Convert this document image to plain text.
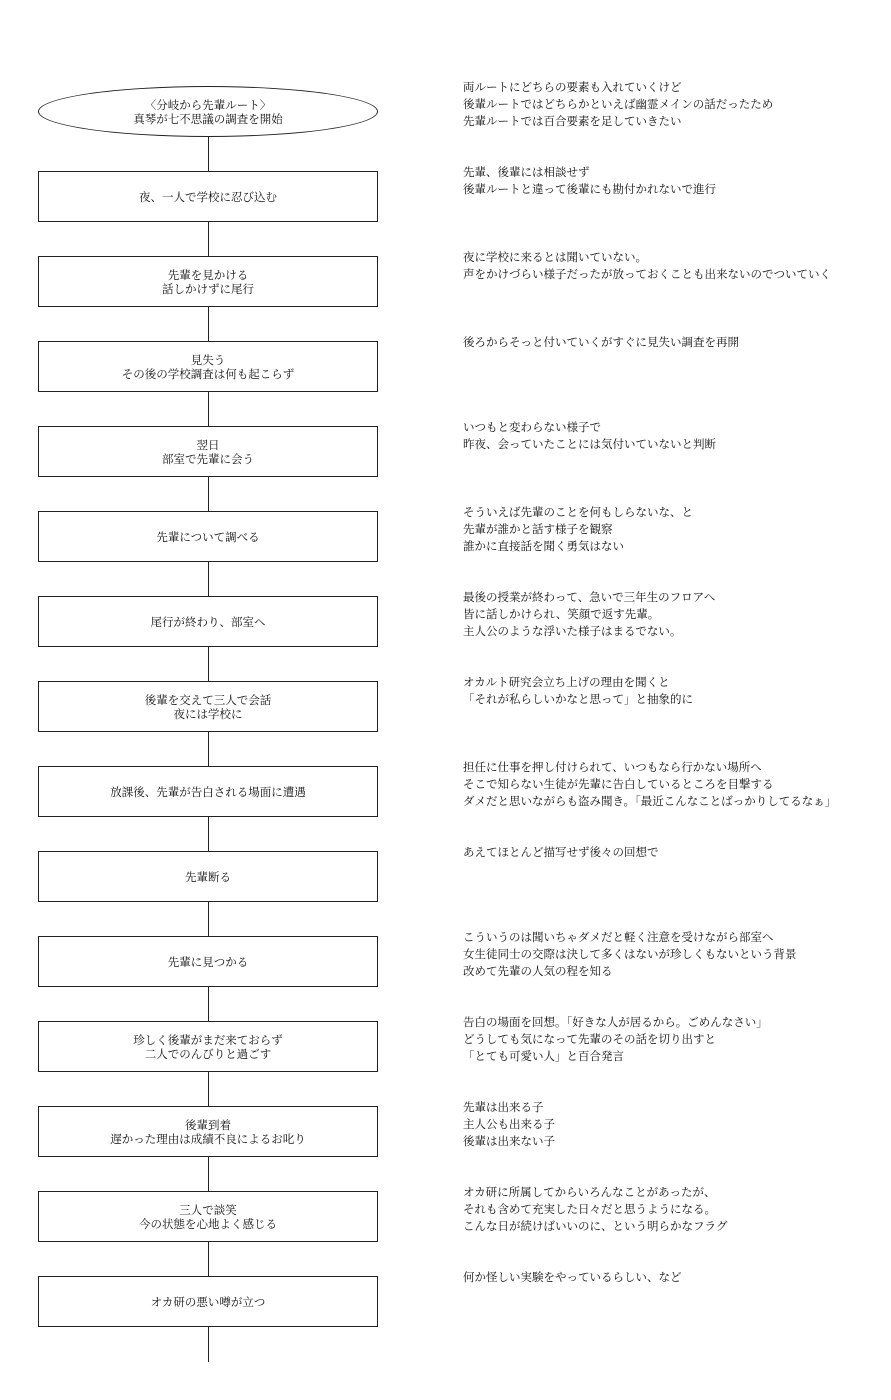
〈分岐から先輩ルート〉
真琴が七不思議の調査を開始
両ルートにどちらの要素も入れていくけど
後輩ルートではどちらかといえば幽霊メインの話だったため
先輩ルートでは百合要素を足していきたい
夜、一人で学校に忍び込む
先輩、後輩には相談せず
後輩ルートと違って後輩にも勘付かれないで進行
先輩を見かける
話しかけずに尾行
夜に学校に来るとは聞いていない。
声をかけづらい様子だったが放っておくことも出来ないのでついていく
見失う
その後の学校調査は何も起こらず
後ろからそっと付いていくがすぐに見失い調査を再開
翌日
部室で先輩に会う
いつもと変わらない様子で
昨夜、会っていたことには気付いていないと判断
先輩について調べる
そういえば先輩のことを何もしらないな、と
先輩が誰かと話す様子を観察
誰かに直接話を聞く勇気はない
尾行が終わり、部室へ
最後の授業が終わって、急いで三年生のフロアへ
皆に話しかけられ、笑顔で返す先輩。
主人公のような浮いた様子はまるでない。
後輩を交えて三人で会話
夜には学校に
オカルト研究会立ち上げの理由を聞くと
「それが私らしいかなと思って」と抽象的に
放課後、先輩が告白される場面に遭遇
担任に仕事を押し付けられて、いつもなら行かない場所へ
そこで知らない生徒が先輩に告白しているところを目撃する
ダメだと思いながらも盗み聞き。「最近こんなことばっかりしてるなぁ」
先輩断る
あえてほとんど描写せず後々の回想で
先輩に見つかる
こういうのは聞いちゃダメだと軽く注意を受けながら部室へ
女生徒同士の交際は決して多くはないが珍しくもないという背景
改めて先輩の人気の程を知る
珍しく後輩がまだ来ておらず
二人でのんびりと過ごす
告白の場面を回想。「好きな人が居るから。ごめんなさい」
どうしても気になって先輩のその話を切り出すと
「とても可愛い人」と百合発言
後輩到着
遅かった理由は成績不良によるお叱り
先輩は出来る子
主人公も出来る子
後輩は出来ない子
三人で談笑
今の状態を心地よく感じる
オカ研に所属してからいろんなことがあったが、
それも含めて充実した日々だと思うようになる。
こんな日が続けばいいのに、という明らかなフラグ
オカ研の悪い噂が立つ
何か怪しい実験をやっているらしい、など
